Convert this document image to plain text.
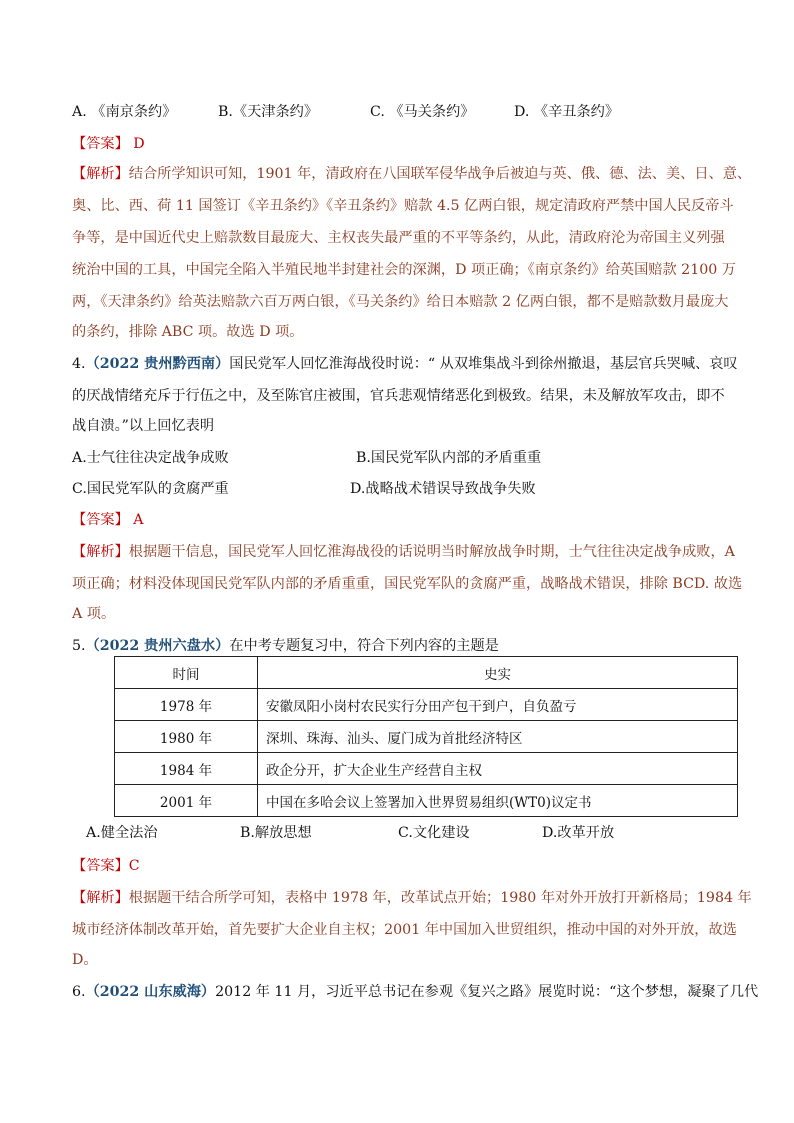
A. 《南京条约》	B.《天津条约》	C. 《马关条约》	D. 《辛丑条约》
【答案】 D
【解析】结合所学知识可知，1901 年，清政府在八国联军侵华战争后被迫与英、俄、德、法、美、日、意、
奥、比、西、荷 11 国签订《辛丑条约》《辛丑条约》赔款 4.5 亿两白银，规定清政府严禁中国人民反帝斗
争等，是中国近代史上赔款数目最庞大、主权丧失最严重的不平等条约，从此，清政府沦为帝国主义列强
统治中国的工具，中国完全陷入半殖民地半封建社会的深渊，D 项正确；《南京条约》给英国赔款 2100 万
两，《天津条约》给英法赔款六百万两白银，《马关条约》给日本赔款 2 亿两白银，都不是赔款数月最庞大
的条约，排除 ABC 项。故选 D 项。
4.（2022 贵州黔西南）国民党军人回忆淮海战役时说：“ 从双堆集战斗到徐州撤退，基层官兵哭喊、哀叹
的厌战情绪充斥于行伍之中，及至陈官庄被围，官兵悲观情绪恶化到极致。结果，未及解放军攻击，即不
战自溃。”以上回忆表明
A.士气往往决定战争成败	B.国民党军队内部的矛盾重重
C.国民党军队的贪腐严重	D.战略战术错误导致战争失败
【答案】 A
【解析】根据题干信息，国民党军人回忆淮海战役的话说明当时解放战争时期，士气往往决定战争成败，A
项正确；材料没体现国民党军队内部的矛盾重重，国民党军队的贪腐严重，战略战术错误，排除 BCD. 故选
A 项。
5.（2022 贵州六盘水）在中考专题复习中，符合下列内容的主题是
时间	史实
1978 年	安徽凤阳小岗村农民实行分田产包干到户，自负盈亏
1980 年	深圳、珠海、汕头、厦门成为首批经济特区
1984 年	政企分开，扩大企业生产经营自主权
2001 年	中国在多哈会议上签署加入世界贸易组织(WT0)议定书
A.健全法治	B.解放思想	C.文化建设	D.改革开放
【答案】C
【解析】根据题干结合所学可知，表格中 1978 年，改革试点开始；1980 年对外开放打开新格局；1984 年
城市经济体制改革开始，首先要扩大企业自主权；2001 年中国加入世贸组织，推动中国的对外开放，故选
D。
6.（2022 山东威海）2012 年 11 月，习近平总书记在参观《复兴之路》展览时说：“这个梦想，凝聚了几代
